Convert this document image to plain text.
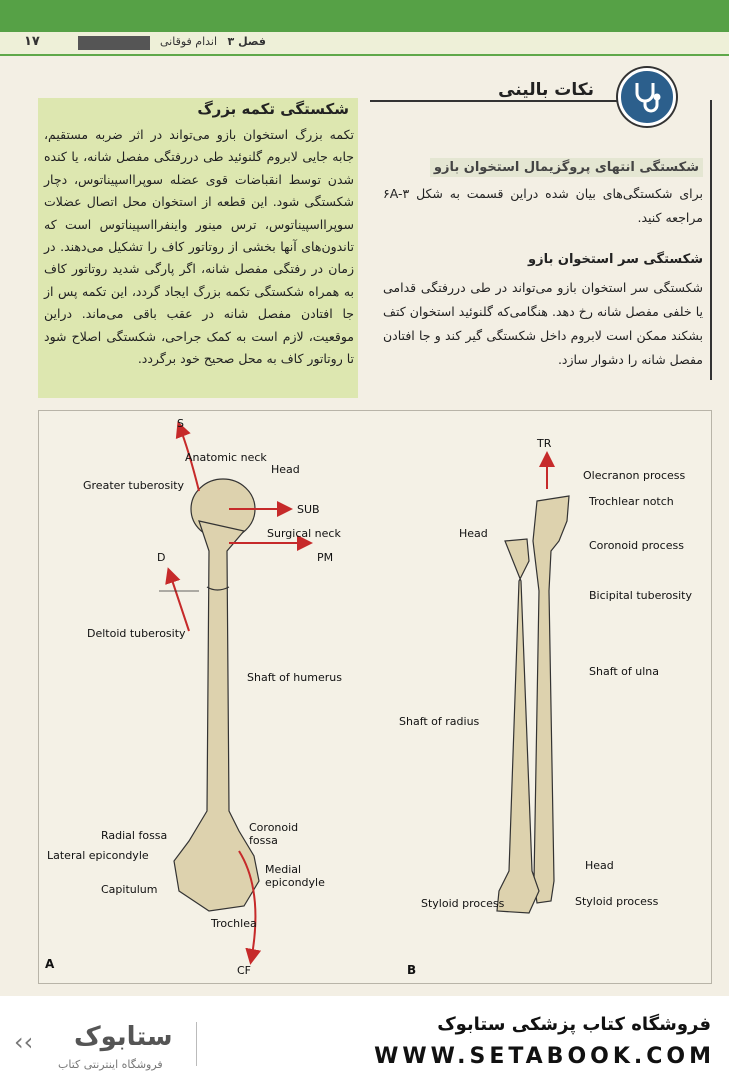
۱۷	فصل ۳   اندام فوقانی
شکستگی تکمه بزرگ
تکمه بزرگ استخوان بازو می‌تواند در اثر ضربه مستقیم، جابه جایی لابروم گلنوئید طی دررفتگی مفصل شانه، یا کنده شدن توسط انقباضات قوی عضله سوپرااسپیناتوس، دچار شکستگی شود. این قطعه از استخوان محل اتصال عضلات سوپرااسپیناتوس، ترس مینور واینفرااسپیناتوس است که تاندون‌های آنها بخشی از روتاتور کاف را تشکیل می‌دهند. در زمان در رفتگی مفصل شانه، اگر پارگی شدید روتاتور کاف به همراه شکستگی تکمه بزرگ ایجاد گردد، این تکمه پس از جا افتادن مفصل شانه در عقب باقی می‌ماند. دراین موقعیت، لازم است به کمک جراحی، شکستگی اصلاح شود تا روتاتور کاف به محل صحیح خود برگردد.
نکات بالینی
شکستگی انتهای پروگزیمال استخوان بازو
برای شکستگی‌های بیان شده دراین قسمت به شکل ۶A-۳ مراجعه کنید.
شکستگی سر استخوان بازو
شکستگی سر استخوان بازو می‌تواند در طی دررفتگی قدامی یا خلفی مفصل شانه رخ دهد. هنگامی‌که گلنوئید استخوان کتف بشکند ممکن است لابروم داخل شکستگی گیر کند و جا افتادن مفصل شانه را دشوار سازد.
S
Anatomic neck
Head
Greater tuberosity
SUB
Surgical neck
PM
D
Deltoid tuberosity
Shaft of humerus
Coronoid fossa
Radial fossa
Lateral epicondyle
Medial epicondyle
Capitulum
Trochlea
CF
A
TR
Olecranon process
Trochlear notch
Head
Coronoid process
Bicipital tuberosity
Shaft of ulna
Shaft of radius
Head
Styloid process	Styloid process
B
‹‹ ستابوک
فروشگاه اینترنتی کتاب
فروشگاه کتاب پزشکی ستابوک
WWW.SETABOOK.COM
